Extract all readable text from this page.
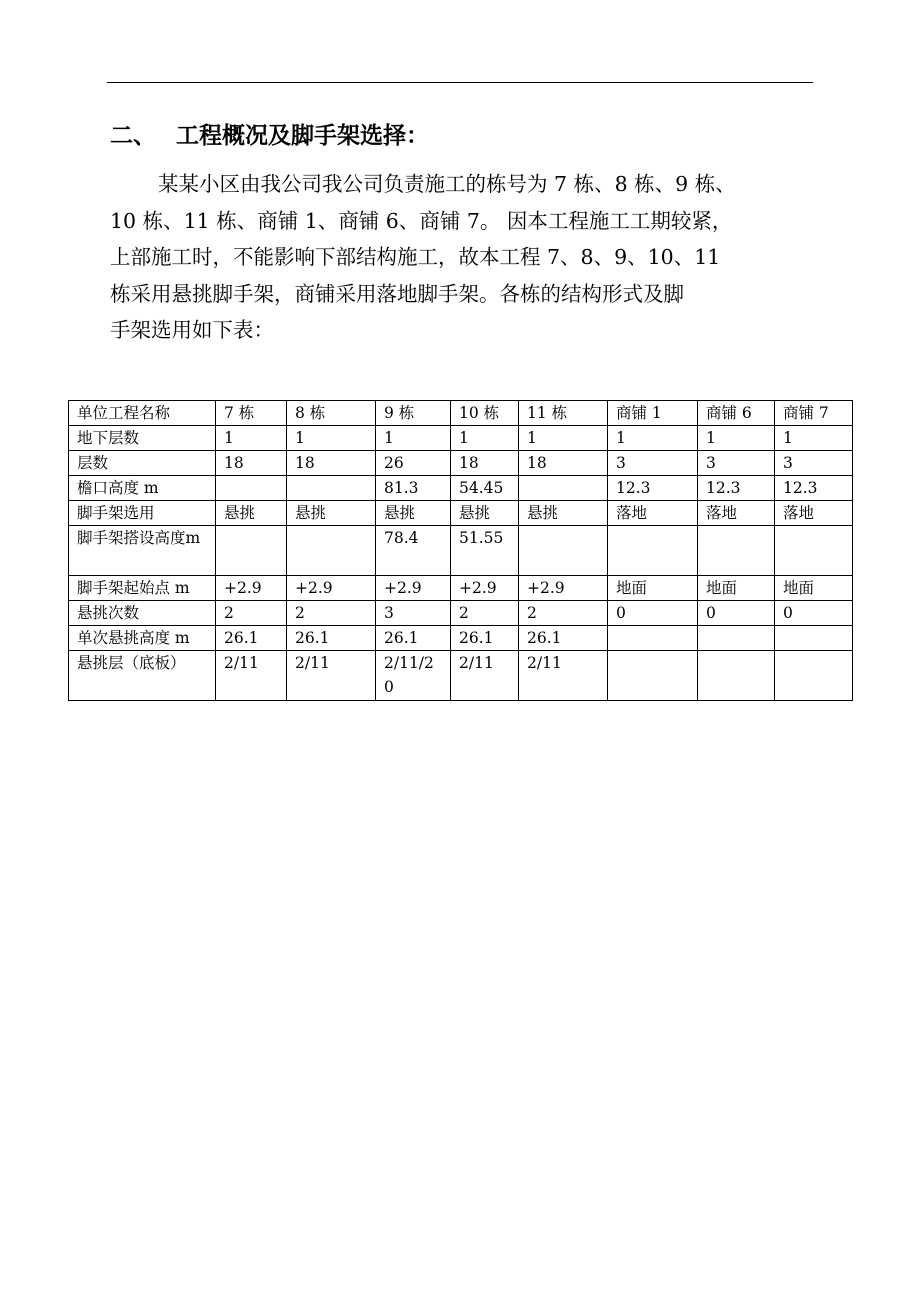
二、 工程概况及脚手架选择：
某某小区由我公司我公司负责施工的栋号为 7 栋、8 栋、9 栋、
10 栋、11 栋、商铺 1、商铺 6、商铺 7。 因本工程施工工期较紧，
上部施工时，不能影响下部结构施工，故本工程 7、8、9、10、11
栋采用悬挑脚手架，商铺采用落地脚手架。各栋的结构形式及脚
手架选用如下表：
单位工程名称	7 栋	8 栋	9 栋	10 栋	11 栋	商铺 1	商铺 6	商铺 7
地下层数	1	1	1	1	1	1	1	1
层数	18	18	26	18	18	3	3	3
檐口高度 m			81.3	54.45		12.3	12.3	12.3
脚手架选用	悬挑	悬挑	悬挑	悬挑	悬挑	落地	落地	落地
脚手架搭设高度m			78.4	51.55				
脚手架起始点 m	+2.9	+2.9	+2.9	+2.9	+2.9	地面	地面	地面
悬挑次数	2	2	3	2	2	0	0	0
单次悬挑高度 m	26.1	26.1	26.1	26.1	26.1			
悬挑层（底板）	2/11	2/11	2/11/20	2/11	2/11			
